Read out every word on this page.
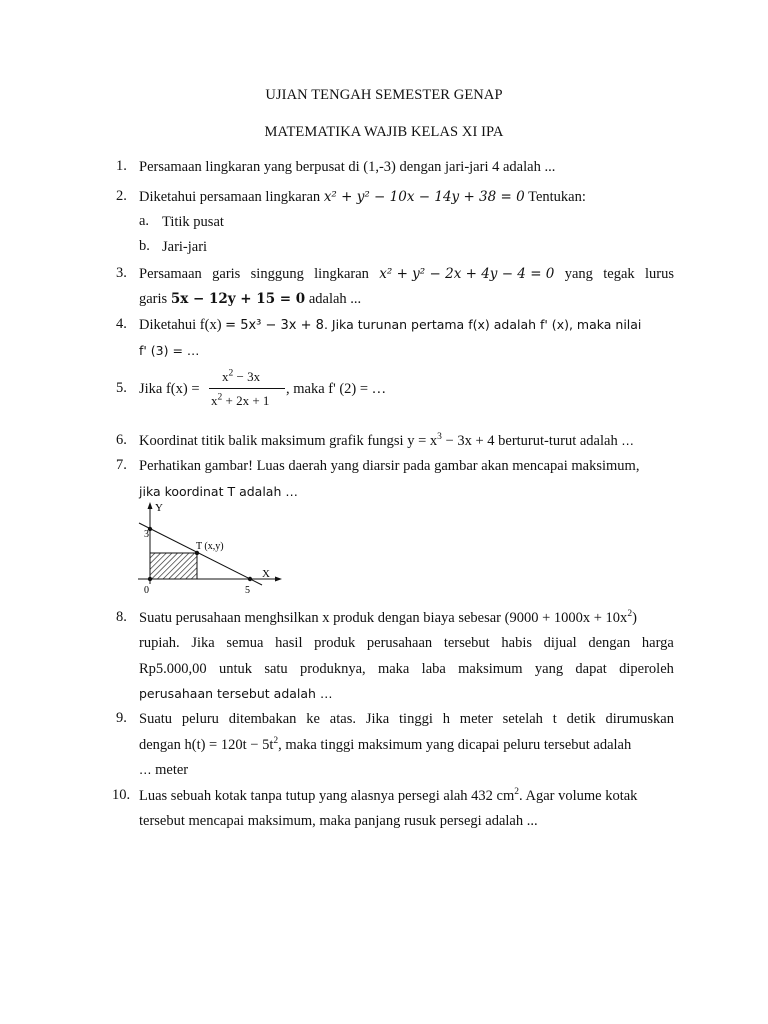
UJIAN TENGAH SEMESTER GENAP
MATEMATIKA WAJIB KELAS XI IPA
1. Persamaan lingkaran yang berpusat di (1,-3) dengan jari-jari 4 adalah ...
2. Diketahui persamaan lingkaran x² + y² − 10x − 14y + 38 = 0 Tentukan:
a. Titik pusat
b. Jari-jari
3. Persamaan garis singgung lingkaran x² + y² − 2x + 4y − 4 = 0 yang tegak lurus
garis 5x − 12y + 15 = 0 adalah ...
4. Diketahui f(x) = 5x³ − 3x + 8. Jika turunan pertama f(x) adalah f' (x), maka nilai
f' (3) = …
5. Jika f(x) =
$x^2 - 3x$
$x^2 + 2x + 1$
, maka f' (2) = …
6. Koordinat titik balik maksimum grafik fungsi $y = x^3 - 3x + 4$ berturut-turut adalah …
7. Perhatikan gambar! Luas daerah yang diarsir pada gambar akan mencapai maksimum,
jika koordinat T adalah …
Y
X
3
0	5
T (x,y)
8. Suatu perusahaan menghsilkan x produk dengan biaya sebesar $(9000 + 1000x + 10x^2)$
rupiah. Jika semua hasil produk perusahaan tersebut habis dijual dengan harga
Rp5.000,00 untuk satu produknya, maka laba maksimum yang dapat diperoleh
perusahaan tersebut adalah …
9. Suatu peluru ditembakan ke atas. Jika tinggi h meter setelah t detik dirumuskan
dengan $h(t) = 120t - 5t^2$, maka tinggi maksimum yang dicapai peluru tersebut adalah
… meter
10. Luas sebuah kotak tanpa tutup yang alasnya persegi alah 432 $cm^2$. Agar volume kotak
tersebut mencapai maksimum, maka panjang rusuk persegi adalah ...
